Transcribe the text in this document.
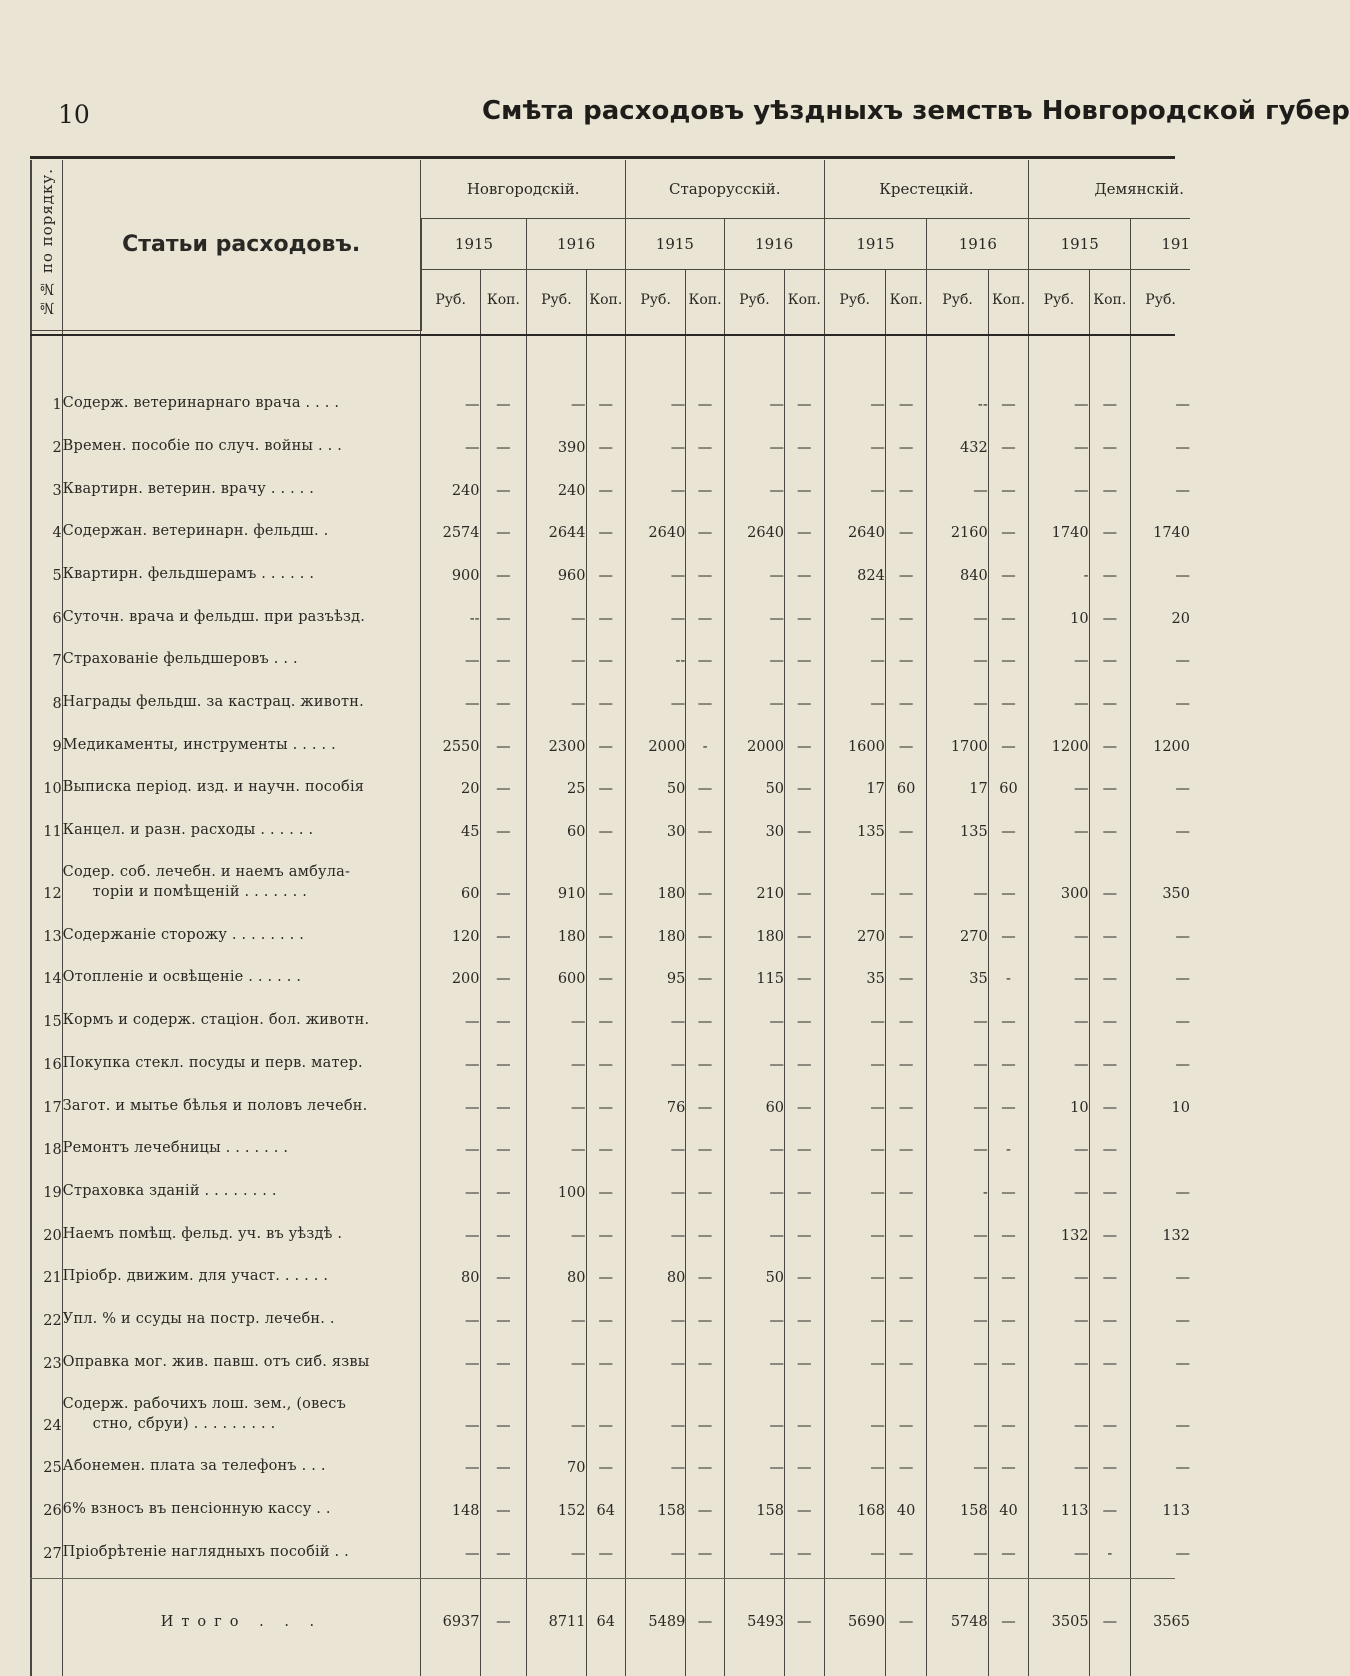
10	Смѣта расходовъ уѣздныхъ земствъ Новгородской губер
№№ по порядку.	Статьи расходовъ.	Новгородскій.				Старорусскій.				Крестецкій.				Демянскій.		
		1915		1916		1915		1916		1915		1916		1915		191
		Руб.	Коп.	Руб.	Коп.	Руб.	Коп.	Руб.	Коп.	Руб.	Коп.	Руб.	Коп.	Руб.	Коп.	Руб.

1	Содерж. ветеринарнаго врача . . . .	—	—	—	—	—	—	—	—	—	—	--	—	—	—	—
2	Времен. пособіе по случ. войны . . .	—	—	390	—	—	—	—	—	—	—	432	—	—	—	—
3	Квартирн. ветерин. врачу . . . . .	240	—	240	—	—	—	—	—	—	—	—	—	—	—	—
4	Содержан. ветеринарн. фельдш. .	2574	—	2644	—	2640	—	2640	—	2640	—	2160	—	1740	—	1740
5	Квартирн. фельдшерамъ . . . . . .	900	—	960	—	—	—	—	—	824	—	840	—	-	—	—
6	Суточн. врача и фельдш. при разъѣзд.	--	—	—	—	—	—	—	—	—	—	—	—	10	—	20
7	Страхованіе фельдшеровъ . . .	—	—	—	—	--	—	—	—	—	—	—	—	—	—	—
8	Награды фельдш. за кастрац. животн.	—	—	—	—	—	—	—	—	—	—	—	—	—	—	—
9	Медикаменты, инструменты . . . . .	2550	—	2300	—	2000	-	2000	—	1600	—	1700	—	1200	—	1200
10	Выписка період. изд. и научн. пособія	20	—	25	—	50	—	50	—	17	60	17	60	—	—	—
11	Канцел. и разн. расходы . . . . . .	45	—	60	—	30	—	30	—	135	—	135	—	—	—	—
12	Содер. соб. лечебн. и наемъ амбула-
торіи и помѣщеній . . . . . . .	60	—	910	—	180	—	210	—	—	—	—	—	300	—	350
13	Содержаніе сторожу . . . . . . . .	120	—	180	—	180	—	180	—	270	—	270	—	—	—	—
14	Отопленіе и освѣщеніе . . . . . .	200	—	600	—	95	—	115	—	35	—	35	-	—	—	—
15	Кормъ и содерж. стаціон. бол. животн.	—	—	—	—	—	—	—	—	—	—	—	—	—	—	—
16	Покупка стекл. посуды и перв. матер.	—	—	—	—	—	—	—	—	—	—	—	—	—	—	—
17	Загот. и мытье бѣлья и половъ лечебн.	—	—	—	—	76	—	60	—	—	—	—	—	10	—	10
18	Ремонтъ лечебницы . . . . . . .	—	—	—	—	—	—	—	—	—	—	—	-	—	—	
19	Страховка зданій . . . . . . . .	—	—	100	—	—	—	—	—	—	—	-	—	—	—	—
20	Наемъ помѣщ. фельд. уч. въ уѣздѣ .	—	—	—	—	—	—	—	—	—	—	—	—	132	—	132
21	Пріобр. движим. для участ. . . . . .	80	—	80	—	80	—	50	—	—	—	—	—	—	—	—
22	Упл. % и ссуды на постр. лечебн. .	—	—	—	—	—	—	—	—	—	—	—	—	—	—	—
23	Оправка мог. жив. павш. отъ сиб. язвы	—	—	—	—	—	—	—	—	—	—	—	—	—	—	—
24	Содерж. рабочихъ лош. зем., (овесъ
стно, сбруи) . . . . . . . . .	—	—	—	—	—	—	—	—	—	—	—	—	—	—	—
25	Абонемен. плата за телефонъ . . .	—	—	70	—	—	—	—	—	—	—	—	—	—	—	—
26	6% взносъ въ пенсіонную кассу . .	148	—	152	64	158	—	158	—	168	40	158	40	113	—	113
27	Пріобрѣтеніе наглядныхъ пособій . .	—	—	—	—	—	—	—	—	—	—	—	—	—	-	—
	Итого . . .	6937	—	8711	64	5489	—	5493	—	5690	—	5748	—	3505	—	3565
